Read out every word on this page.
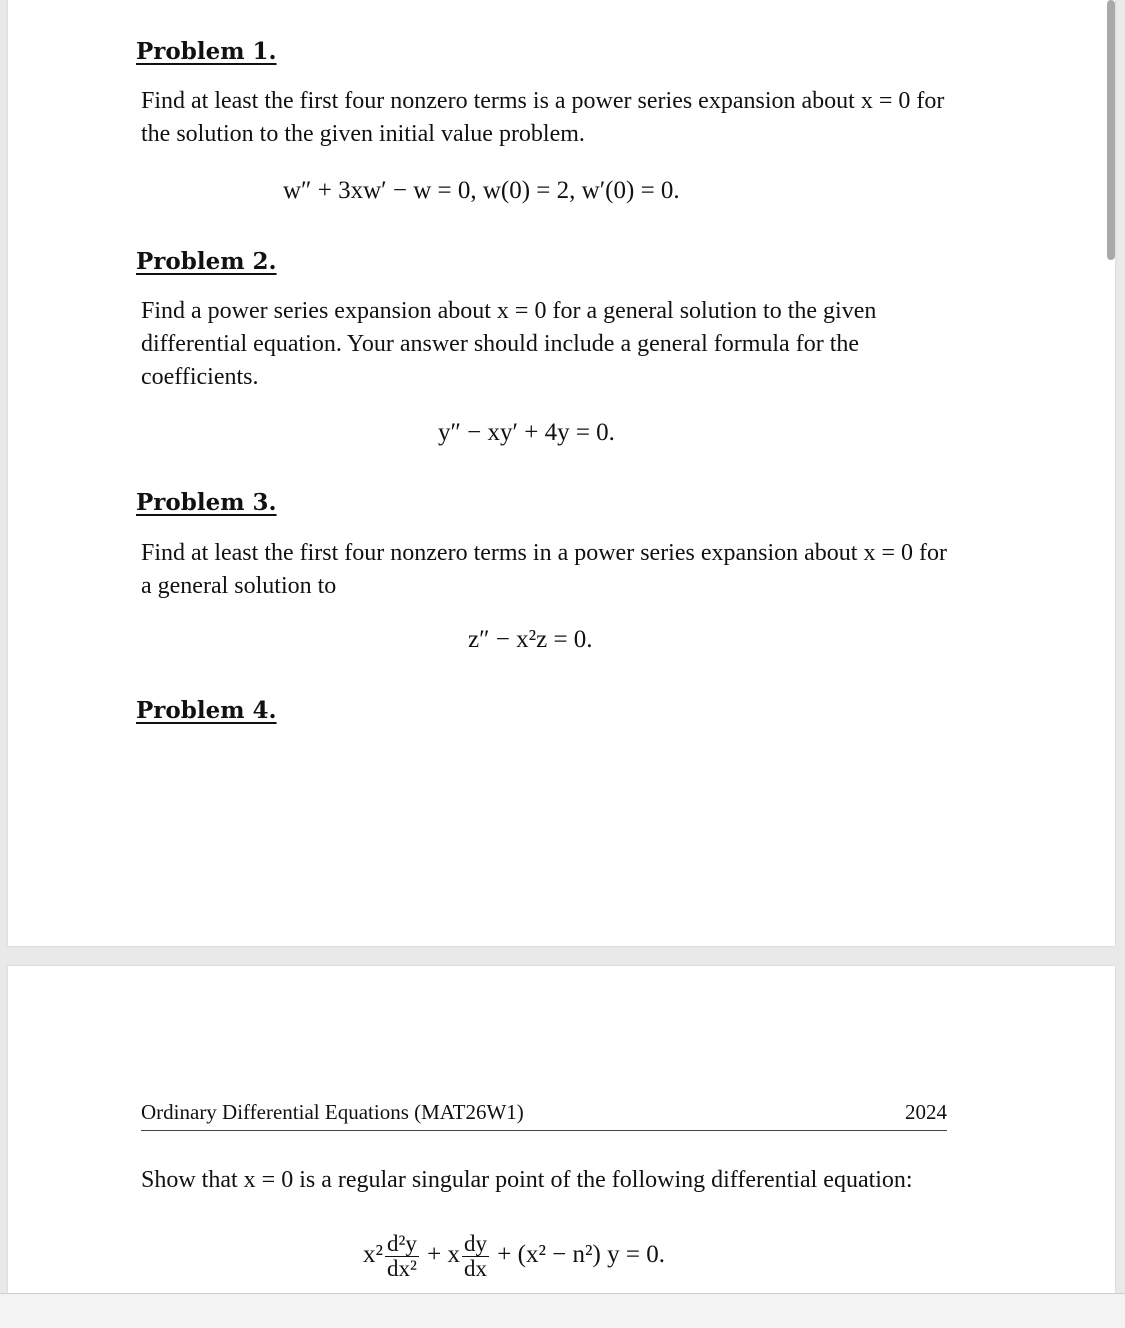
Problem 1.
Find at least the first four nonzero terms is a power series expansion about x = 0 for the solution to the given initial value problem.
w″ + 3xw′ − w = 0, w(0) = 2, w′(0) = 0.
Problem 2.
Find a power series expansion about x = 0 for a general solution to the given differential equation. Your answer should include a general formula for the coefficients.
y″ − xy′ + 4y = 0.
Problem 3.
Find at least the first four nonzero terms in a power series expansion about x = 0 for a general solution to
z″ − x²z = 0.
Problem 4.
Ordinary Differential Equations (MAT26W1)	2024
Show that x = 0 is a regular singular point of the following differential equation:
$x^2 \frac{\text{d²y}}{\text{dx²}} + x \frac{dy}{dx} + (x^2 - n^2) y = 0$.
